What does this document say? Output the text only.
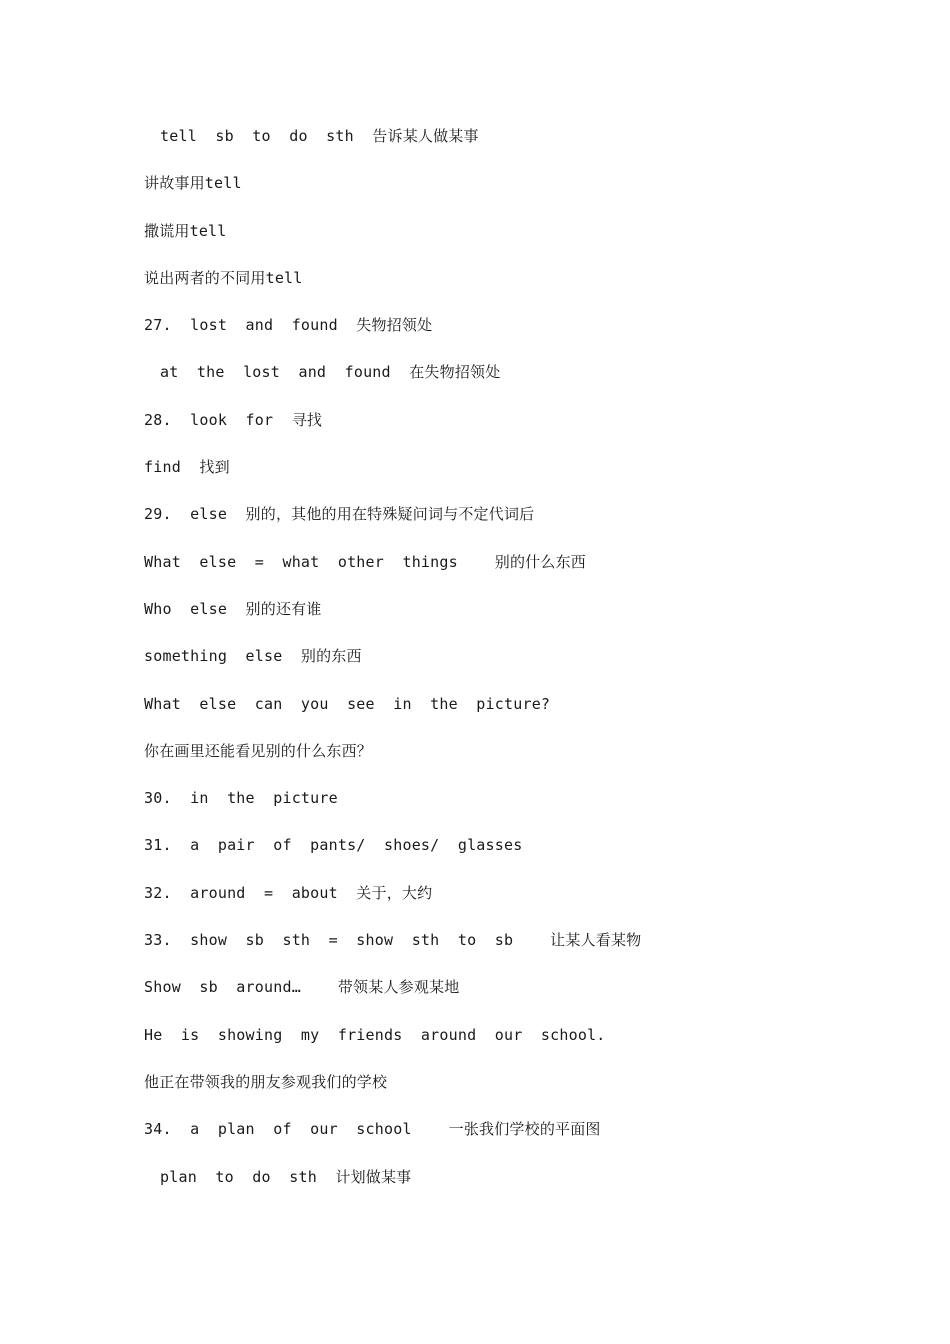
tell  sb  to  do  sth  告诉某人做某事
讲故事用tell
撒谎用tell
说出两者的不同用tell
27.  lost  and  found  失物招领处
at  the  lost  and  found  在失物招领处
28.  look  for  寻找
find  找到
29.  else  别的，其他的用在特殊疑问词与不定代词后
What  else  =  what  other  things    别的什么东西
Who  else  别的还有谁
something  else  别的东西
What  else  can  you  see  in  the  picture?
你在画里还能看见别的什么东西？
30.  in  the  picture
31.  a  pair  of  pants/  shoes/  glasses
32.  around  =  about  关于，大约
33.  show  sb  sth  =  show  sth  to  sb    让某人看某物
Show  sb  around…    带领某人参观某地
He  is  showing  my  friends  around  our  school.
他正在带领我的朋友参观我们的学校
34.  a  plan  of  our  school    一张我们学校的平面图
plan  to  do  sth  计划做某事
